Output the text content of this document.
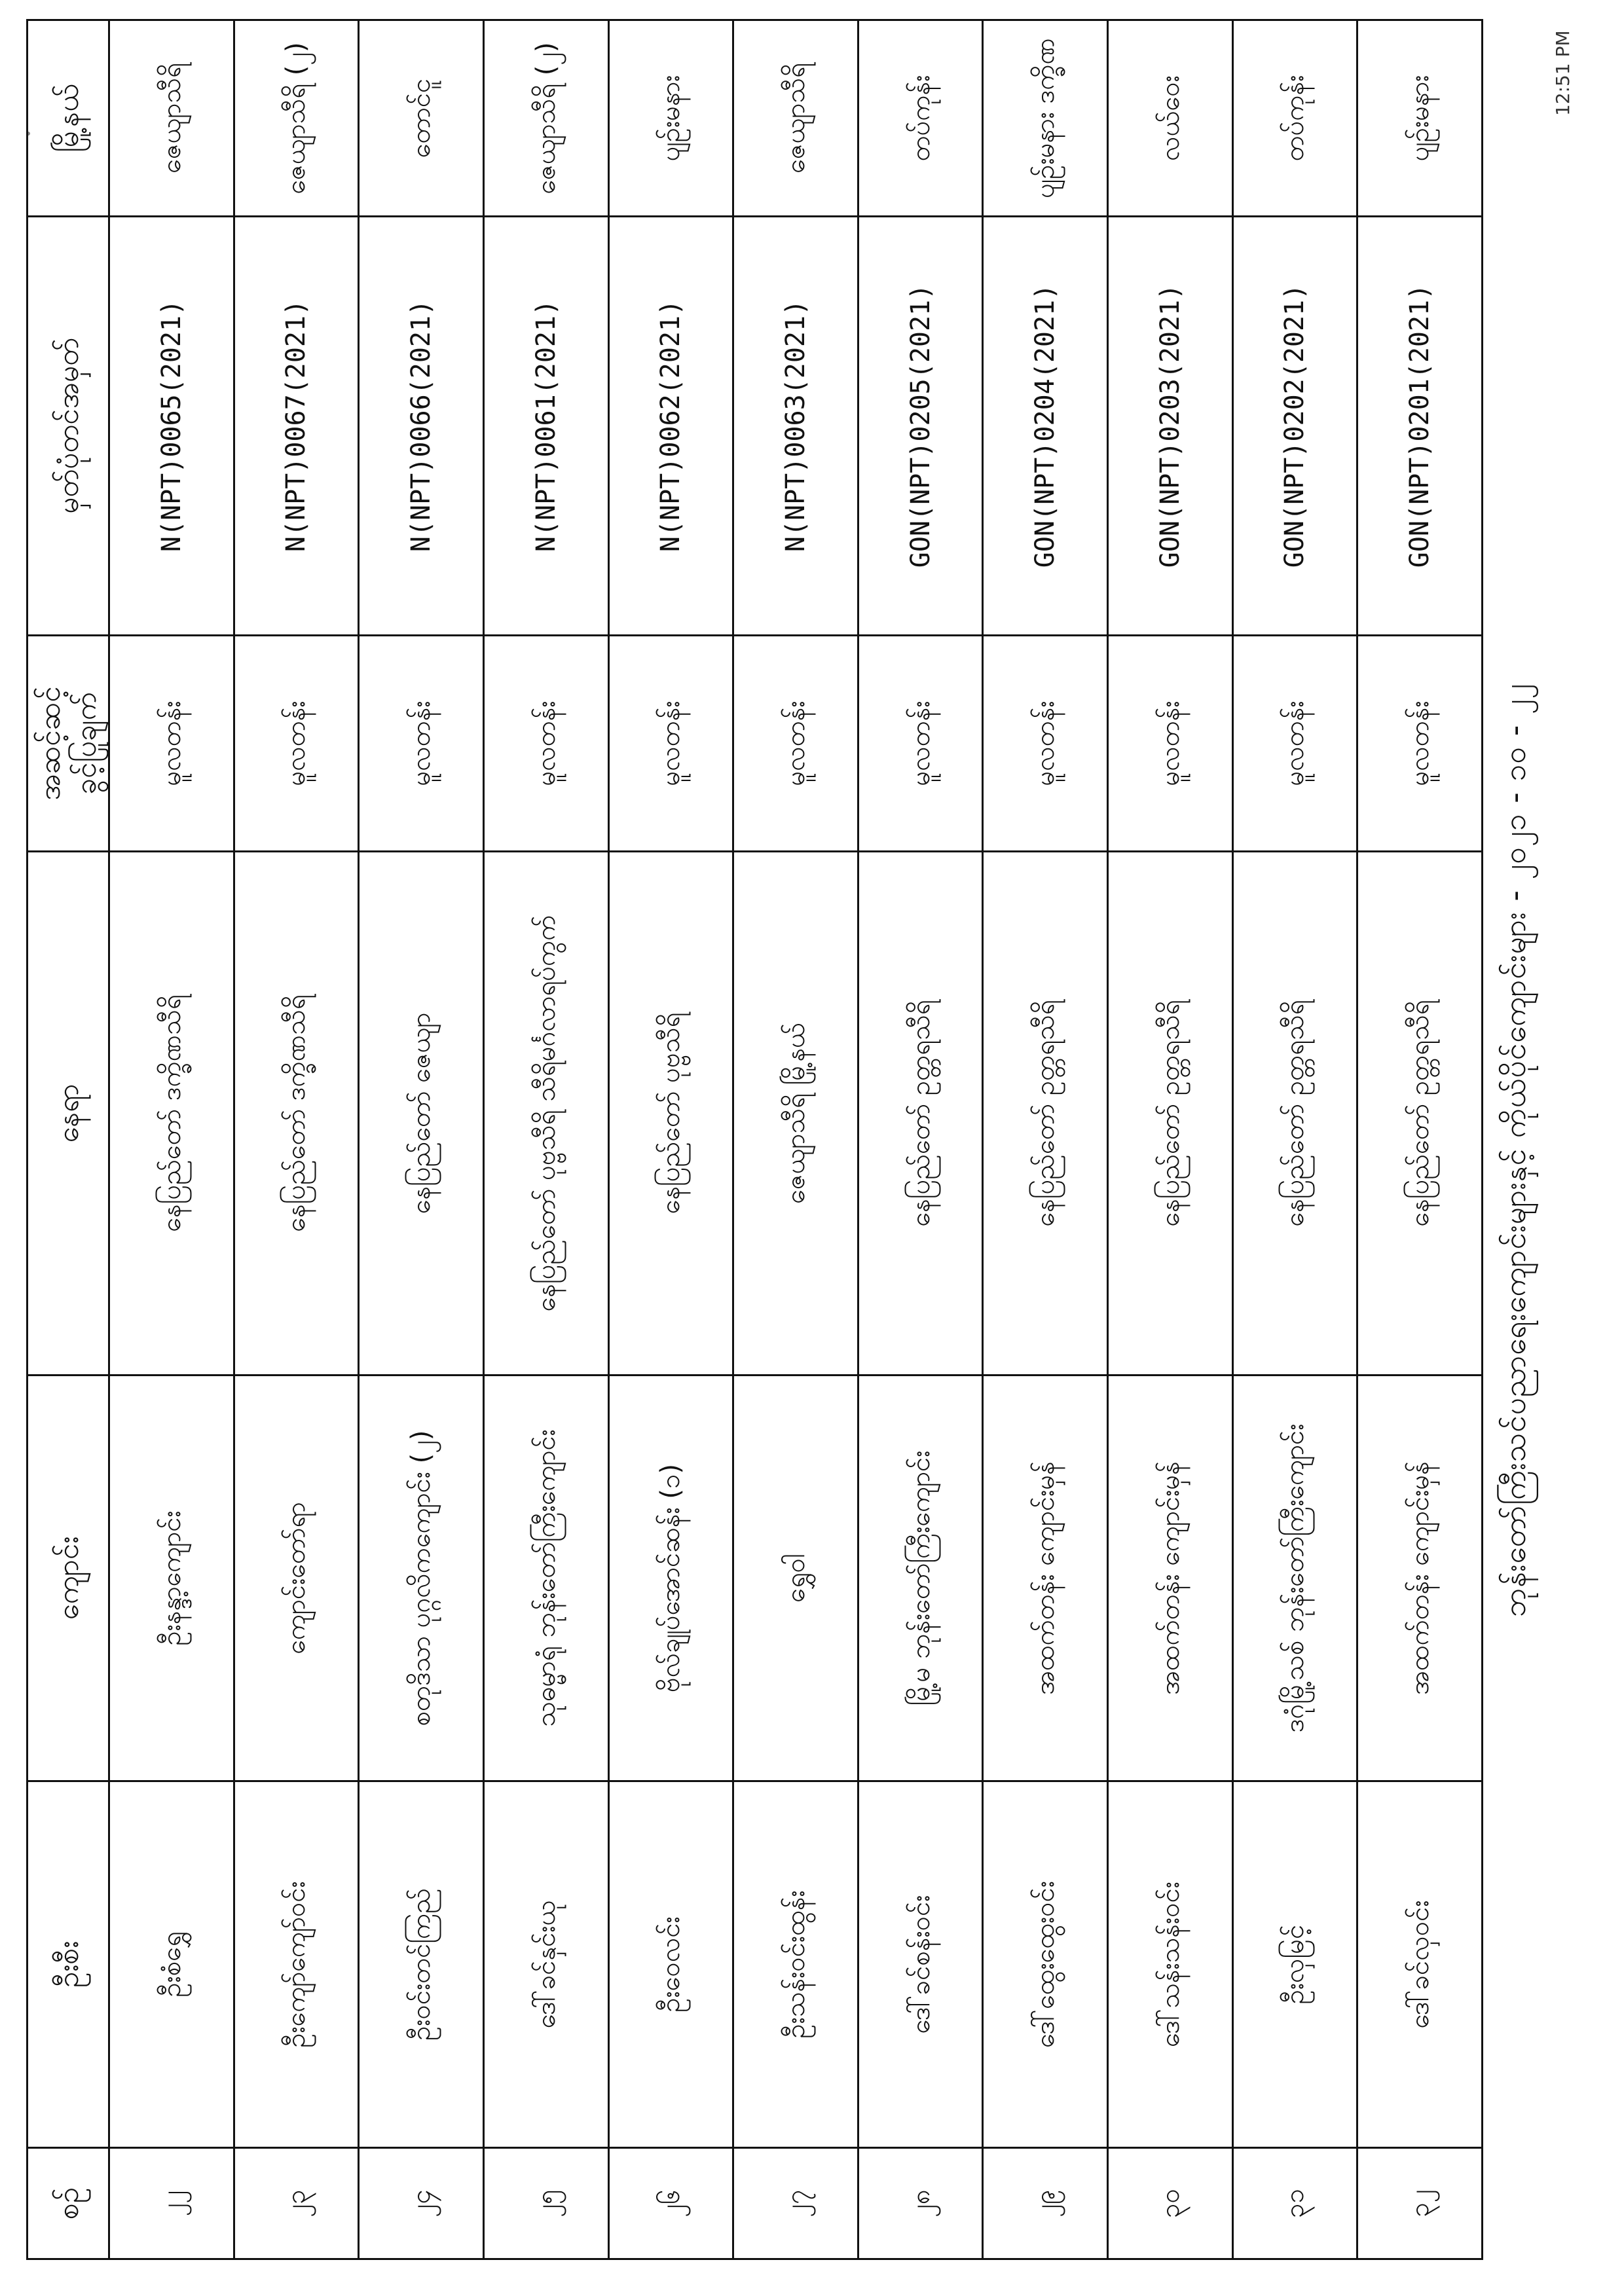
စဉ်	ဦးစီး	ကျောင်း	နေရာ	အဆင့်ဆင့် ခွင့်ပြုချက်	မှတ်ပုံတင်အမှတ်	မြို့နယ်
၂၂	ဦးစံရွှေ	ဦးနန္ဒာ့ကျောင်း	နေပြည်တော် ဒက္ခိဏသီရိ	မူလတန်း	N(NPT)0065(2021)	ဇေယျာသီရိ
၂၃	ဦးကျော်ကျော်ဝင်း	ကျောင်းတော်ရာ	နေပြည်တော် ဒက္ခိဏသီရိ	မူလတန်း	N(NPT)0067(2021)	ဇေယျာသီရိ (၂)
၂၄	ဦးဝင်းတင်ကြည်	စတုဒိသာ ပုဂ္ဂလိကကျောင်း (၂)	နေပြည်တော် ဇေယျာ	မူလတန်း	N(NPT)0066(2021)	တောင်ငူ
၂၅	ဒေါ်ခင်နှင်းယု	သုဓမ္မာရုံ ဘုန်းတော်ကြီးကျောင်း	နေပြည်တော် ပုဗ္ဗသီရိ သီရိမင်္ဂလာရပ်ကွက်	မူလတန်း	N(NPT)0061(2021)	ဇေယျာသီရိ (၂)
၂၆	ဦးဝေလင်း	ဗိုလ်ချုပ်အောင်ဆန်း (၁)	နေပြည်တော် ပုဗ္ဗသီရိ	မူလတန်း	N(NPT)0062(2021)	ပျဉ်းမနား
၂၇	ဦးသန်းဝင်းထွန်း	ရွှေဝါ	ဇေယျာသီရိ မြို့နယ်	မူလတန်း	N(NPT)0063(2021)	ဇေယျာသီရိ
၂၈	ဒေါ်ခင်စန်းဝင်း	မြို့မ ဘုန်းတော်ကြီးကျောင်း	နေပြည်တော် ဥတ္တရသီရိ	မူလတန်း	GON(NPT)0205(2021)	တပ်ကုန်း
၂၉	ဒေါ်ထွေးထွေးဝင်း	အထက်တန်း ကျောင်းမှန်	နေပြည်တော် ဥတ္တရသီရိ	မူလတန်း	GON(NPT)0204(2021)	ပျဉ်းမနား ဒက္ခိဏ
၃၀	ဒေါ်သန်းသန်းဝင်း	အထက်တန်း ကျောင်းမှန်	နေပြည်တော် ဥတ္တရသီရိ	မူလတန်း	GON(NPT)0203(2021)	လယ်ဝေး
၃၁	ဦးလှမြင့်	ဒဂုံမြို့သစ် ဘုန်းတော်ကြီးကျောင်း	နေပြည်တော် ဥတ္တရသီရိ	မူလတန်း	GON(NPT)0202(2021)	တပ်ကုန်း
၃၂	ဒေါ်ခင်လှဝင်း	အထက်တန်း ကျောင်းမှန်	နေပြည်တော် ဥတ္တရသီရိ	မူလတန်း	GON(NPT)0201(2021)	ပျဉ်းမနား
ဘုန်းတော်ကြီးသင်ပညာရေးကျောင်းများနှင့် ကိုယ်ပိုင်ကျောင်းများ - ၂၀၂၁ - ၁၀ - ၂၂
12:51 PM
